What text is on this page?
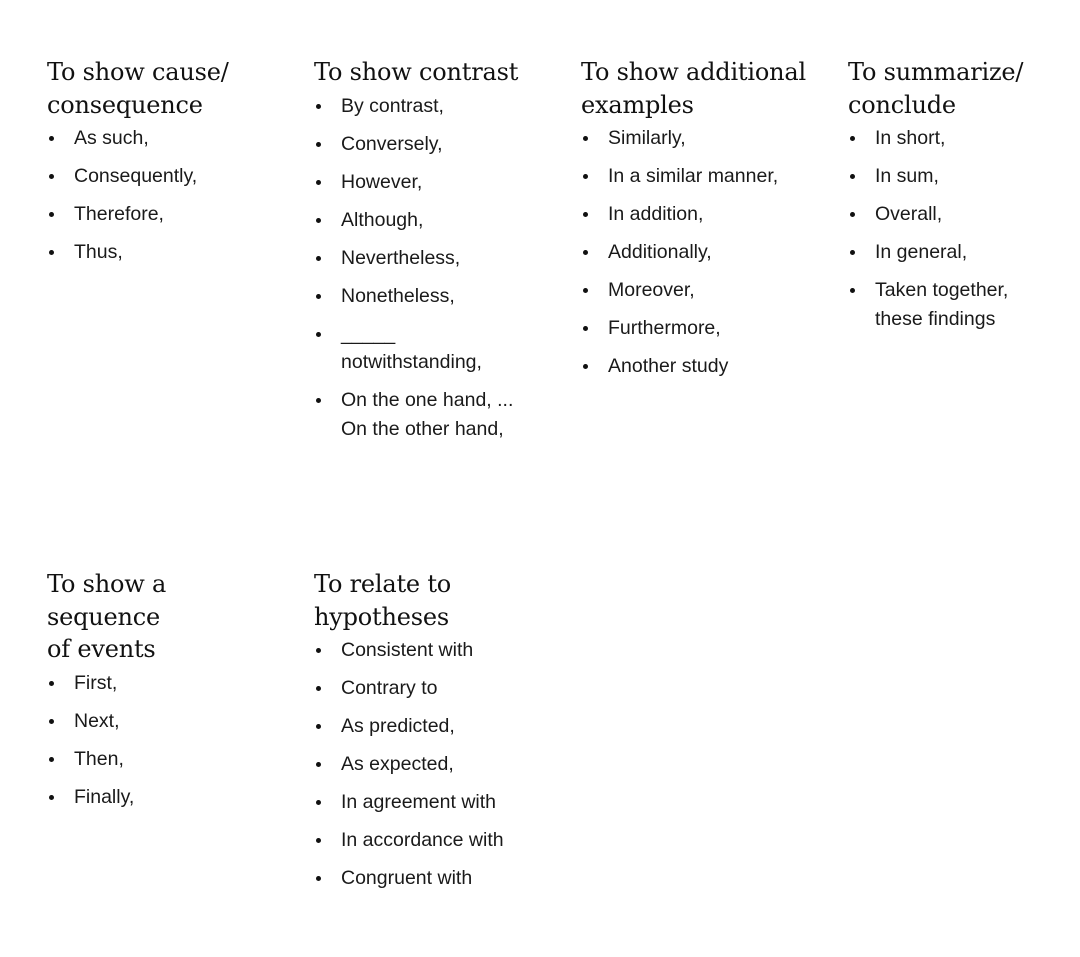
To show cause/
consequence
As such,
Consequently,
Therefore,
Thus,
To show contrast
By contrast,
Conversely,
However,
Although,
Nevertheless,
Nonetheless,
_____
notwithstanding,
On the one hand, ...
On the other hand,
To show additional
examples
Similarly,
In a similar manner,
In addition,
Additionally,
Moreover,
Furthermore,
Another study
To summarize/
conclude
In short,
In sum,
Overall,
In general,
Taken together,
these findings
To show a
sequence
of events
First,
Next,
Then,
Finally,
To relate to
hypotheses
Consistent with
Contrary to
As predicted,
As expected,
In agreement with
In accordance with
Congruent with
